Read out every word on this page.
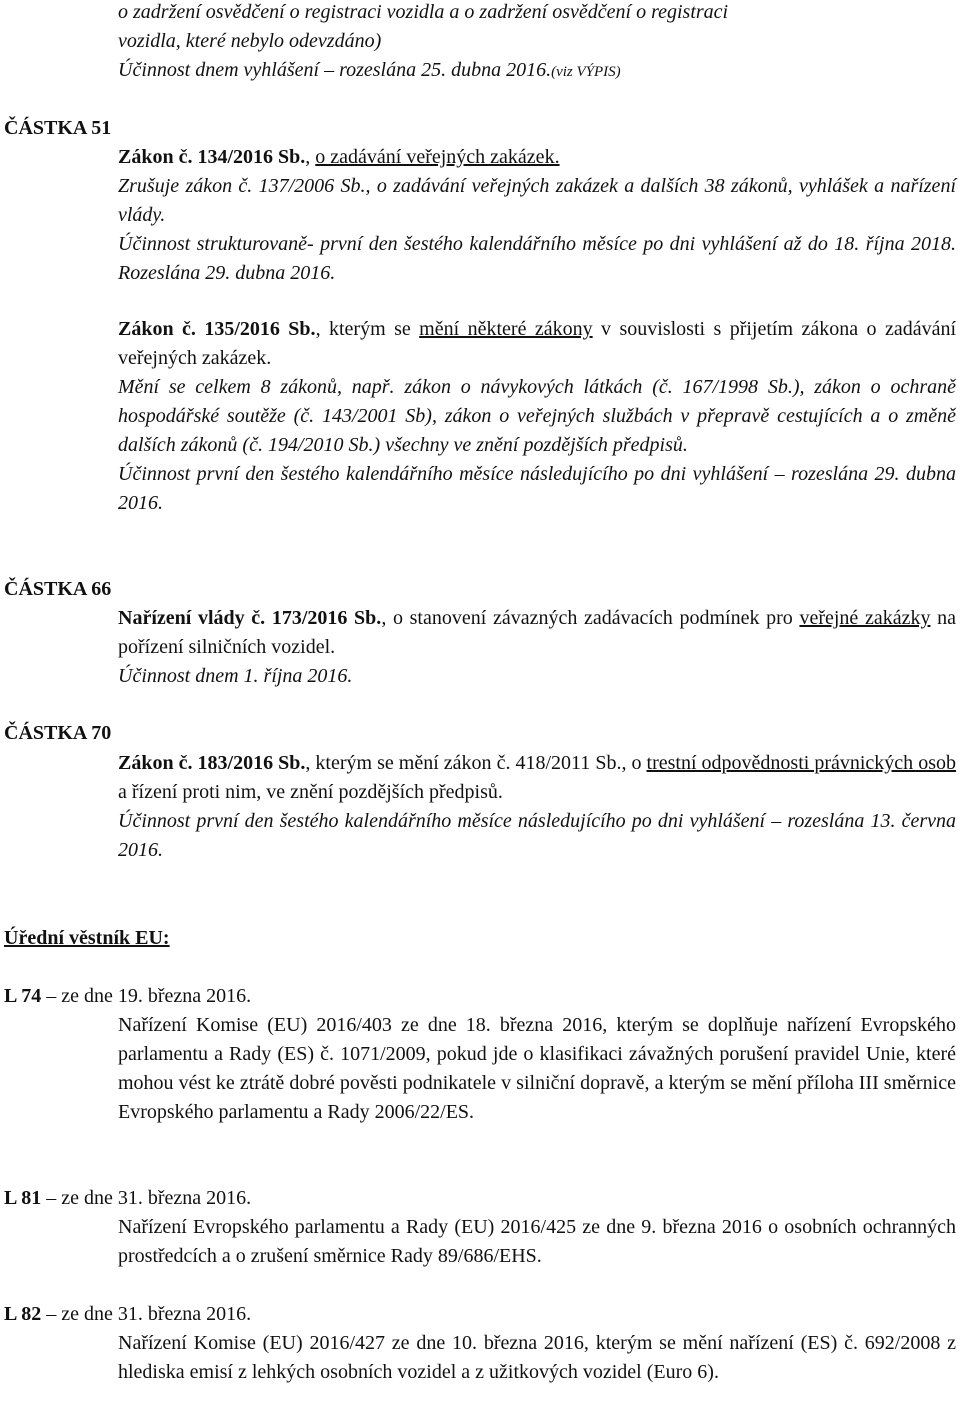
o zadržení osvědčení o registraci vozidla a o zadržení osvědčení o registraci

vozidla, které nebylo odevzdáno)

Účinnost dnem vyhlášení – rozeslána 25. dubna 2016.(viz VÝPIS)

ČÁSTKA 51

Zákon č. 134/2016 Sb., o zadávání veřejných zakázek.

Zrušuje zákon č. 137/2006 Sb., o zadávání veřejných zakázek a dalších 38 zákonů, vyhlášek a nařízení vlády.

Účinnost strukturovaně- první den šestého kalendářního měsíce po dni vyhlášení až do 18. října 2018. Rozeslána 29. dubna 2016.

Zákon č. 135/2016 Sb., kterým se mění některé zákony v souvislosti s přijetím zákona o zadávání veřejných zakázek.

Mění se celkem 8 zákonů, např. zákon o návykových látkách (č. 167/1998 Sb.), zákon o ochraně hospodářské soutěže (č. 143/2001 Sb), zákon o veřejných službách v přepravě cestujících a o změně dalších zákonů (č. 194/2010 Sb.) všechny ve znění pozdějších předpisů.

Účinnost první den šestého kalendářního měsíce následujícího po dni vyhlášení – rozeslána 29. dubna 2016.

ČÁSTKA 66

Nařízení vlády č. 173/2016 Sb., o stanovení závazných zadávacích podmínek pro veřejné zakázky na pořízení silničních vozidel.

Účinnost dnem 1. října 2016.

ČÁSTKA 70

Zákon č. 183/2016 Sb., kterým se mění zákon č. 418/2011 Sb., o trestní odpovědnosti právnických osob a řízení proti nim, ve znění pozdějších předpisů.

Účinnost první den šestého kalendářního měsíce následujícího po dni vyhlášení – rozeslána 13. června 2016.

Úřední věstník EU:

L 74 – ze dne 19. března 2016.

Nařízení Komise (EU) 2016/403 ze dne 18. března 2016, kterým se doplňuje nařízení Evropského parlamentu a Rady (ES) č. 1071/2009, pokud jde o klasifikaci závažných porušení pravidel Unie, které mohou vést ke ztrátě dobré pověsti podnikatele v silniční dopravě, a kterým se mění příloha III směrnice Evropského parlamentu a Rady 2006/22/ES.

L 81 – ze dne 31. března 2016.

Nařízení Evropského parlamentu a Rady (EU) 2016/425 ze dne 9. března 2016 o osobních ochranných prostředcích a o zrušení směrnice Rady 89/686/EHS.

L 82 – ze dne 31. března 2016.

Nařízení Komise (EU) 2016/427 ze dne 10. března 2016, kterým se mění nařízení (ES) č. 692/2008 z hlediska emisí z lehkých osobních vozidel a z užitkových vozidel (Euro 6).
